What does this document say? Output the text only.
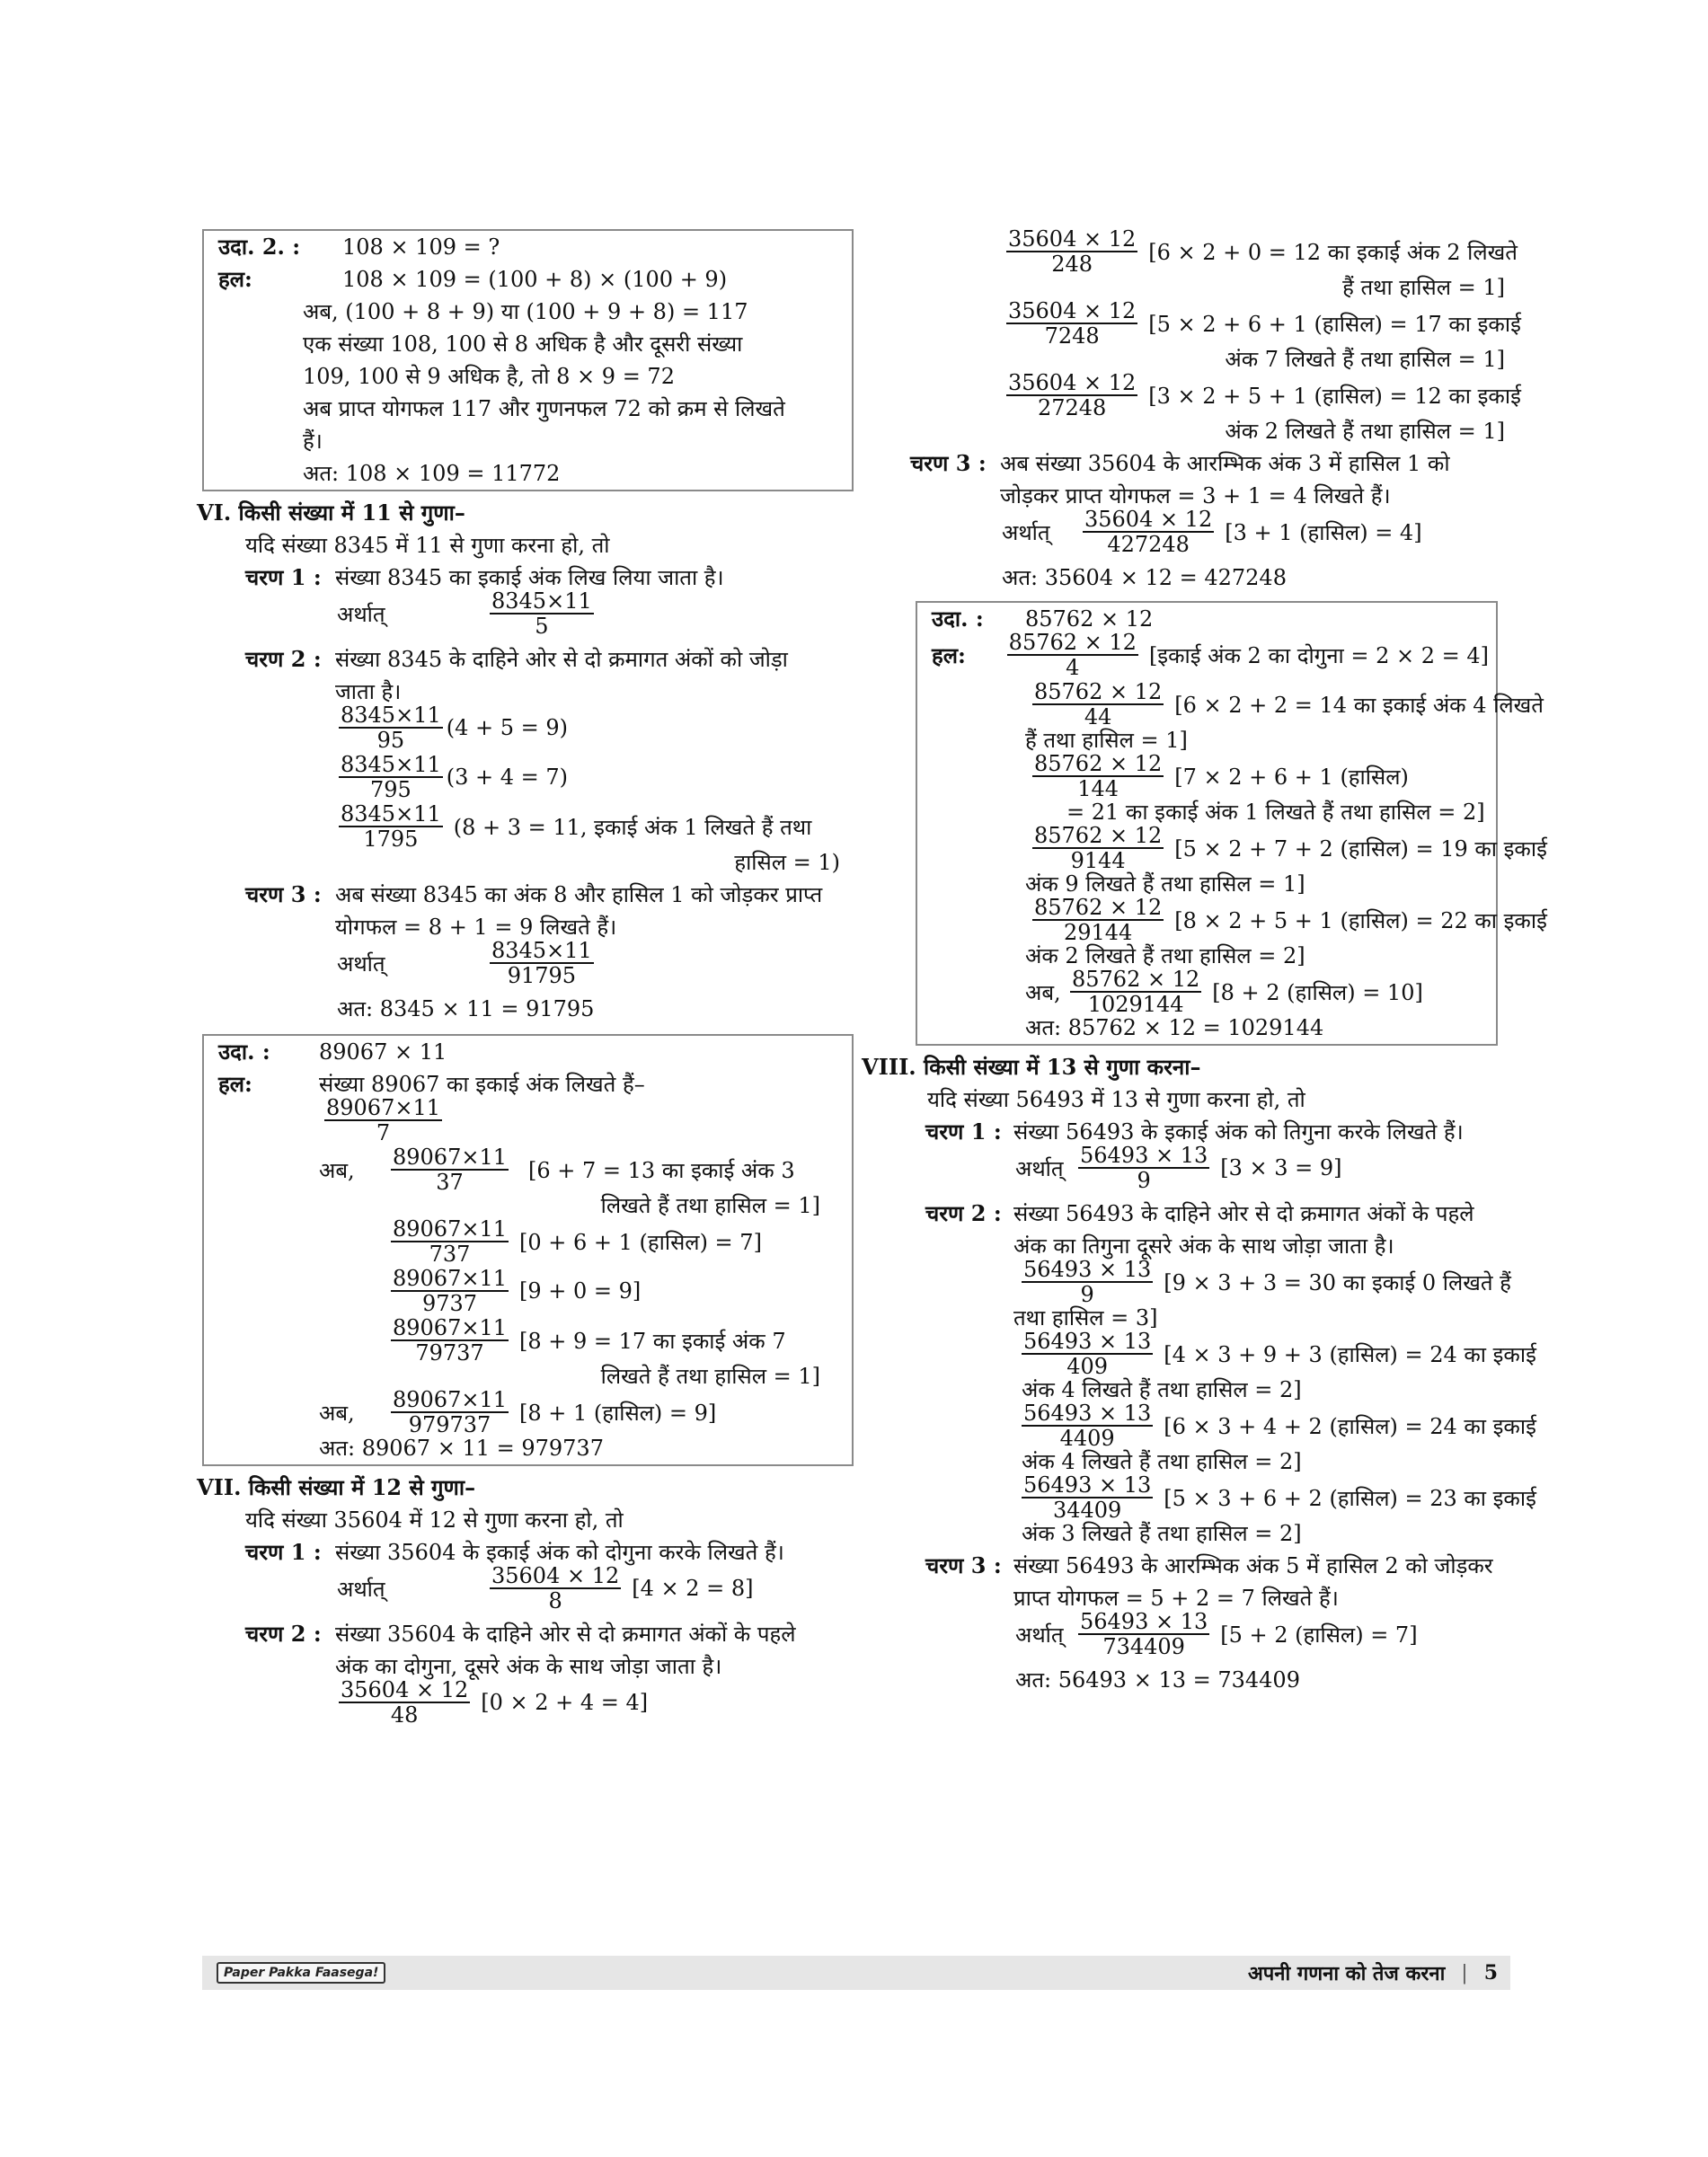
उदा. 2. : 108 × 109 = ?
हल:	108 × 109 = (100 + 8) × (100 + 9)
अब, (100 + 8 + 9) या (100 + 9 + 8) = 117
एक संख्या 108, 100 से 8 अधिक है और दूसरी संख्या
109, 100 से 9 अधिक है, तो 8 × 9 = 72
अब प्राप्त योगफल 117 और गुणनफल 72 को क्रम से लिखते
हैं।
अत: 108 × 109 = 11772
VI. किसी संख्या में 11 से गुणा–
यदि संख्या 8345 में 11 से गुणा करना हो, तो
चरण 1 : संख्या 8345 का इकाई अंक लिख लिया जाता है।
अर्थात्	$\frac{8345\times 11}{5}$
चरण 2 : संख्या 8345 के दाहिने ओर से दो क्रमागत अंकों को जोड़ा
जाता है।
$\frac{8345\times 11}{95} (4 + 5 = 9)$
$\frac{8345\times 11}{795} (3 + 4 = 7)$
$\frac{8345\times 11}{1795} (8 + 3 = 11$, इकाई अंक 1 लिखते हैं तथा
हासिल = 1)
चरण 3 : अब संख्या 8345 का अंक 8 और हासिल 1 को जोड़कर प्राप्त
योगफल = 8 + 1 = 9 लिखते हैं।
अर्थात्	$\frac{8345\times 11}{91795}$
अत: 8345 × 11 = 91795
उदा. : 89067 × 11
हल:	संख्या 89067 का इकाई अंक लिखते हैं–
$\frac{89067\times 11}{7}$
अब,	$\frac{89067\times 11}{37} [6 + 7 = 13$ का इकाई अंक 3
लिखते हैं तथा हासिल = 1]
$\frac{89067\times 11}{737} [0 + 6 + 1$ (हासिल) = 7]
$\frac{89067\times 11}{9737} [9 + 0 = 9]$
$\frac{89067\times 11}{79737} [8 + 9 = 17$ का इकाई अंक 7
लिखते हैं तथा हासिल = 1]
अब,	$\frac{89067\times 11}{979737} [8 + 1$ (हासिल) = 9]
अत: 89067 × 11 = 979737
VII. किसी संख्या में 12 से गुणा–
यदि संख्या 35604 में 12 से गुणा करना हो, तो
चरण 1 : संख्या 35604 के इकाई अंक को दोगुना करके लिखते हैं।
अर्थात्	$\frac{35604 \times 12}{8} [4 \times 2 = 8]$
चरण 2 : संख्या 35604 के दाहिने ओर से दो क्रमागत अंकों के पहले
अंक का दोगुना, दूसरे अंक के साथ जोड़ा जाता है।
$\frac{35604 \times 12}{48} [0 \times 2 + 4 = 4]$
$\frac{35604 \times 12}{248} [6 \times 2 + 0 = 12$ का इकाई अंक 2 लिखते
हैं तथा हासिल = 1]
$\frac{35604 \times 12}{7248} [5 \times 2 + 6 + 1$ (हासिल) = 17 का इकाई
अंक 7 लिखते हैं तथा हासिल = 1]
$\frac{35604 \times 12}{27248} [3 \times 2 + 5 + 1$ (हासिल) = 12 का इकाई
अंक 2 लिखते हैं तथा हासिल = 1]
चरण 3 : अब संख्या 35604 के आरम्भिक अंक 3 में हासिल 1 को
जोड़कर प्राप्त योगफल = 3 + 1 = 4 लिखते हैं।
अर्थात्	$\frac{35604 \times 12}{427248} [3 + 1$ (हासिल) = 4]
अत: 35604 × 12 = 427248
उदा. : 85762 × 12
हल:	$\frac{85762 \times 12}{4}$ [इकाई अंक 2 का दोगुना = 2 × 2 = 4]
$\frac{85762 \times 12}{44} [6 \times 2 + 2 = 14$ का इकाई अंक 4 लिखते
हैं तथा हासिल = 1]
$\frac{85762 \times 12}{144} [7 \times 2 + 6 + 1$ (हासिल)
= 21 का इकाई अंक 1 लिखते हैं तथा हासिल = 2]
$\frac{85762 \times 12}{9144} [5 \times 2 + 7 + 2$ (हासिल) = 19 का इकाई
अंक 9 लिखते हैं तथा हासिल = 1]
$\frac{85762 \times 12}{29144} [8 \times 2 + 5 + 1$ (हासिल) = 22 का इकाई
अंक 2 लिखते हैं तथा हासिल = 2]
अब, $\frac{85762 \times 12}{1029144} [8 + 2$ (हासिल) = 10]
अत: 85762 × 12 = 1029144
VIII. किसी संख्या में 13 से गुणा करना–
यदि संख्या 56493 में 13 से गुणा करना हो, तो
चरण 1 : संख्या 56493 के इकाई अंक को तिगुना करके लिखते हैं।
अर्थात् $\frac{56493 \times 13}{9} [3 \times 3 = 9]$
चरण 2 : संख्या 56493 के दाहिने ओर से दो क्रमागत अंकों के पहले
अंक का तिगुना दूसरे अंक के साथ जोड़ा जाता है।
$\frac{56493 \times 13}{9} [9 \times 3 + 3 = 30$ का इकाई 0 लिखते हैं
तथा हासिल = 3]
$\frac{56493 \times 13}{409} [4 \times 3 + 9 + 3$ (हासिल) = 24 का इकाई
अंक 4 लिखते हैं तथा हासिल = 2]
$\frac{56493 \times 13}{4409} [6 \times 3 + 4 + 2$ (हासिल) = 24 का इकाई
अंक 4 लिखते हैं तथा हासिल = 2]
$\frac{56493 \times 13}{34409} [5 \times 3 + 6 + 2$ (हासिल) = 23 का इकाई
अंक 3 लिखते हैं तथा हासिल = 2]
चरण 3 : संख्या 56493 के आरम्भिक अंक 5 में हासिल 2 को जोड़कर
प्राप्त योगफल = 5 + 2 = 7 लिखते हैं।
अर्थात् $\frac{56493 \times 13}{734409} [5 + 2$ (हासिल) = 7]
अत: 56493 × 13 = 734409
Paper Pakka Faasega!	अपनी गणना को तेज करना | 5
